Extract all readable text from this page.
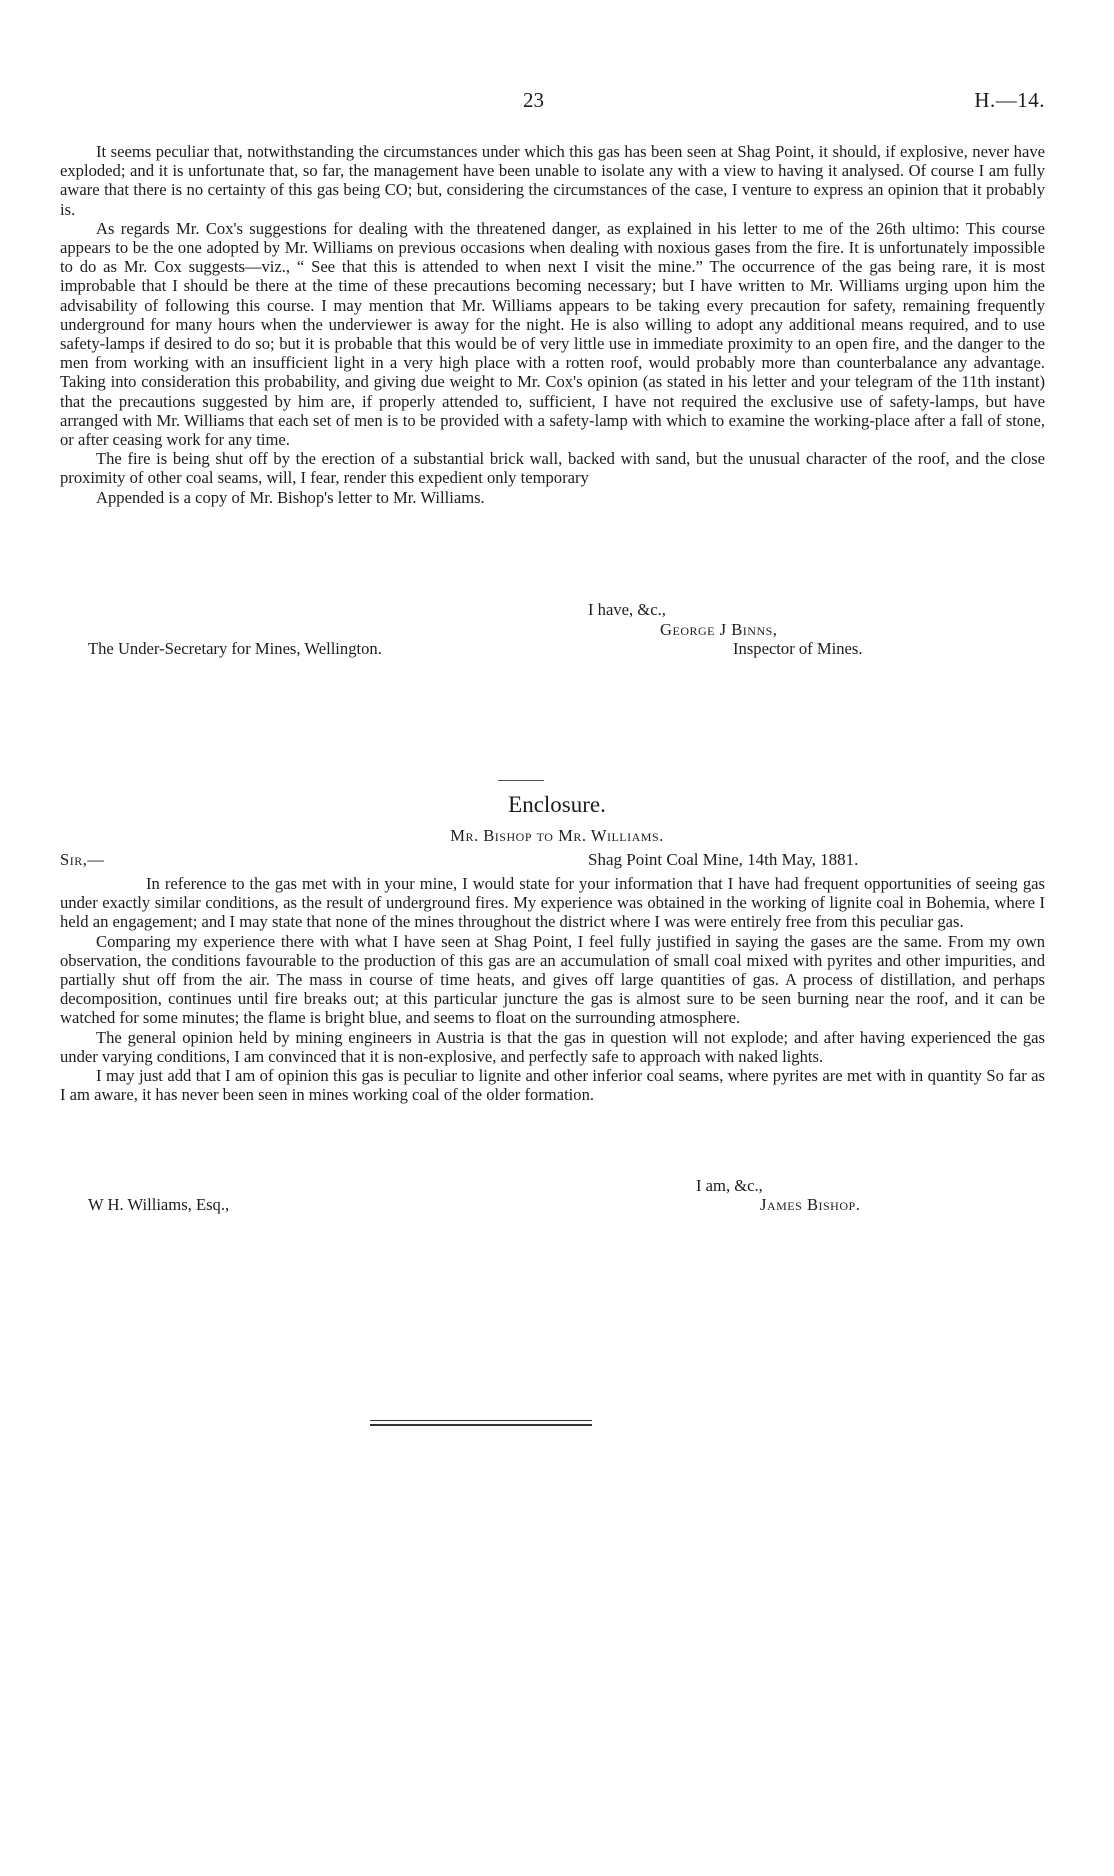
23	H.—14.

It seems peculiar that, notwithstanding the circumstances under which this gas has been seen at Shag Point, it should, if explosive, never have exploded; and it is unfortunate that, so far, the management have been unable to isolate any with a view to having it analysed. Of course I am fully aware that there is no certainty of this gas being CO; but, considering the circumstances of the case, I venture to express an opinion that it probably is.

As regards Mr. Cox's suggestions for dealing with the threatened danger, as explained in his letter to me of the 26th ultimo: This course appears to be the one adopted by Mr. Williams on previous occasions when dealing with noxious gases from the fire. It is unfortunately impossible to do as Mr. Cox suggests—viz., “ See that this is attended to when next I visit the mine.” The occurrence of the gas being rare, it is most improbable that I should be there at the time of these precautions becoming necessary; but I have written to Mr. Williams urging upon him the advisability of following this course. I may mention that Mr. Williams appears to be taking every precaution for safety, remaining frequently underground for many hours when the underviewer is away for the night. He is also willing to adopt any additional means required, and to use safety-lamps if desired to do so; but it is probable that this would be of very little use in immediate proximity to an open fire, and the danger to the men from working with an insufficient light in a very high place with a rotten roof, would probably more than counterbalance any advantage. Taking into consideration this probability, and giving due weight to Mr. Cox's opinion (as stated in his letter and your telegram of the 11th instant) that the precautions suggested by him are, if properly attended to, sufficient, I have not required the exclusive use of safety-lamps, but have arranged with Mr. Williams that each set of men is to be provided with a safety-lamp with which to examine the working-place after a fall of stone, or after ceasing work for any time.

The fire is being shut off by the erection of a substantial brick wall, backed with sand, but the unusual character of the roof, and the close proximity of other coal seams, will, I fear, render this expedient only temporary

Appended is a copy of Mr. Bishop's letter to Mr. Williams.

I have, &c.,
George J Binns,
The Under-Secretary for Mines, Wellington.	Inspector of Mines.
Enclosure.
Mr. Bishop to Mr. Williams.
Sir,—	Shag Point Coal Mine, 14th May, 1881.

In reference to the gas met with in your mine, I would state for your information that I have had frequent opportunities of seeing gas under exactly similar conditions, as the result of underground fires. My experience was obtained in the working of lignite coal in Bohemia, where I held an engagement; and I may state that none of the mines throughout the district where I was were entirely free from this peculiar gas.

Comparing my experience there with what I have seen at Shag Point, I feel fully justified in saying the gases are the same. From my own observation, the conditions favourable to the production of this gas are an accumulation of small coal mixed with pyrites and other impurities, and partially shut off from the air. The mass in course of time heats, and gives off large quantities of gas. A process of distillation, and perhaps decomposition, continues until fire breaks out; at this particular juncture the gas is almost sure to be seen burning near the roof, and it can be watched for some minutes; the flame is bright blue, and seems to float on the surrounding atmosphere.

The general opinion held by mining engineers in Austria is that the gas in question will not explode; and after having experienced the gas under varying conditions, I am convinced that it is non-explosive, and perfectly safe to approach with naked lights.

I may just add that I am of opinion this gas is peculiar to lignite and other inferior coal seams, where pyrites are met with in quantity So far as I am aware, it has never been seen in mines working coal of the older formation.

I am, &c.,
W H. Williams, Esq.,	James Bishop.
